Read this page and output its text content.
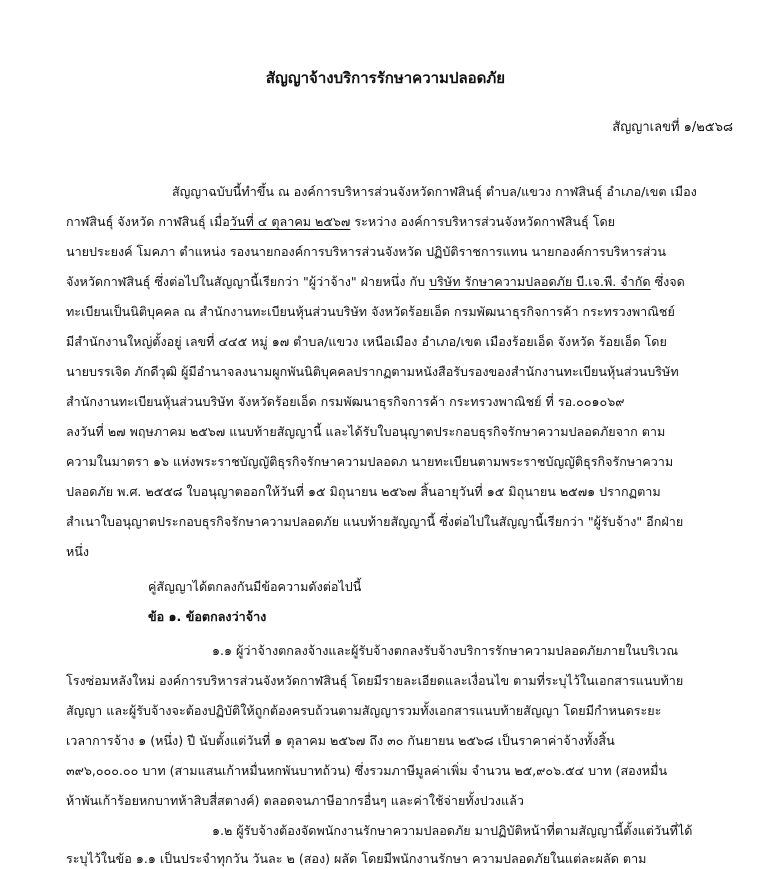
สัญญาจ้างบริการรักษาความปลอดภัย
สัญญาเลขที่ ๑/๒๕๖๘
สัญญาฉบับนี้ทำขึ้น ณ องค์การบริหารส่วนจังหวัดกาฬสินธุ์ ตำบล/แขวง กาฬสินธุ์ อำเภอ/เขต เมือง
กาฬสินธุ์ จังหวัด กาฬสินธุ์ เมื่อวันที่ ๔ ตุลาคม ๒๕๖๗ ระหว่าง องค์การบริหารส่วนจังหวัดกาฬสินธุ์ โดย
นายประยงค์ โมคภา ตำแหน่ง รองนายกองค์การบริหารส่วนจังหวัด ปฏิบัติราชการแทน นายกองค์การบริหารส่วน
จังหวัดกาฬสินธุ์ ซึ่งต่อไปในสัญญานี้เรียกว่า "ผู้ว่าจ้าง" ฝ่ายหนึ่ง กับ บริษัท รักษาความปลอดภัย บี.เจ.พี. จำกัด ซึ่งจด
ทะเบียนเป็นนิติบุคคล ณ สำนักงานทะเบียนหุ้นส่วนบริษัท จังหวัดร้อยเอ็ด กรมพัฒนาธุรกิจการค้า กระทรวงพาณิชย์
มีสำนักงานใหญ่ตั้งอยู่ เลขที่ ๔๔๕ หมู่ ๑๗ ตำบล/แขวง เหนือเมือง อำเภอ/เขต เมืองร้อยเอ็ด จังหวัด ร้อยเอ็ด โดย
นายบรรเจิด ภักดีวุฒิ ผู้มีอำนาจลงนามผูกพันนิติบุคคลปรากฏตามหนังสือรับรองของสำนักงานทะเบียนหุ้นส่วนบริษัท
สำนักงานทะเบียนหุ้นส่วนบริษัท จังหวัดร้อยเอ็ด กรมพัฒนาธุรกิจการค้า กระทรวงพาณิชย์ ที่ รอ.๐๐๑๐๖๙
ลงวันที่ ๒๗ พฤษภาคม ๒๕๖๗ แนบท้ายสัญญานี้ และได้รับใบอนุญาตประกอบธุรกิจรักษาความปลอดภัยจาก ตาม
ความในมาตรา ๑๖ แห่งพระราชบัญญัติธุรกิจรักษาความปลอดภ นายทะเบียนตามพระราชบัญญัติธุรกิจรักษาความ
ปลอดภัย พ.ศ. ๒๕๕๘ ใบอนุญาตออกให้วันที่ ๑๕ มิถุนายน ๒๕๖๗ สิ้นอายุวันที่ ๑๕ มิถุนายน ๒๕๗๑ ปรากฏตาม
สำเนาใบอนุญาตประกอบธุรกิจรักษาความปลอดภัย แนบท้ายสัญญานี้ ซึ่งต่อไปในสัญญานี้เรียกว่า "ผู้รับจ้าง" อีกฝ่าย
หนึ่ง
คู่สัญญาได้ตกลงกันมีข้อความดังต่อไปนี้
ข้อ ๑. ข้อตกลงว่าจ้าง
๑.๑ ผู้ว่าจ้างตกลงจ้างและผู้รับจ้างตกลงรับจ้างบริการรักษาความปลอดภัยภายในบริเวณ
โรงซ่อมหลังใหม่ องค์การบริหารส่วนจังหวัดกาฬสินธุ์ โดยมีรายละเอียดและเงื่อนไข ตามที่ระบุไว้ในเอกสารแนบท้าย
สัญญา และผู้รับจ้างจะต้องปฏิบัติให้ถูกต้องครบถ้วนตามสัญญารวมทั้งเอกสารแนบท้ายสัญญา โดยมีกำหนดระยะ
เวลาการจ้าง ๑ (หนึ่ง) ปี นับตั้งแต่วันที่ ๑ ตุลาคม ๒๕๖๗ ถึง ๓๐ กันยายน ๒๕๖๘ เป็นราคาค่าจ้างทั้งสิ้น
๓๙๖,๐๐๐.๐๐ บาท (สามแสนเก้าหมื่นหกพันบาทถ้วน) ซึ่งรวมภาษีมูลค่าเพิ่ม จำนวน ๒๕,๙๐๖.๕๔ บาท (สองหมื่น
ห้าพันเก้าร้อยหกบาทห้าสิบสี่สตางค์) ตลอดจนภาษีอากรอื่นๆ และค่าใช้จ่ายทั้งปวงแล้ว
๑.๒ ผู้รับจ้างต้องจัดพนักงานรักษาความปลอดภัย มาปฏิบัติหน้าที่ตามสัญญานี้ตั้งแต่วันที่ได้
ระบุไว้ในข้อ ๑.๑ เป็นประจำทุกวัน วันละ ๒ (สอง) ผลัด โดยมีพนักงานรักษา ความปลอดภัยในแต่ละผลัด ตาม
